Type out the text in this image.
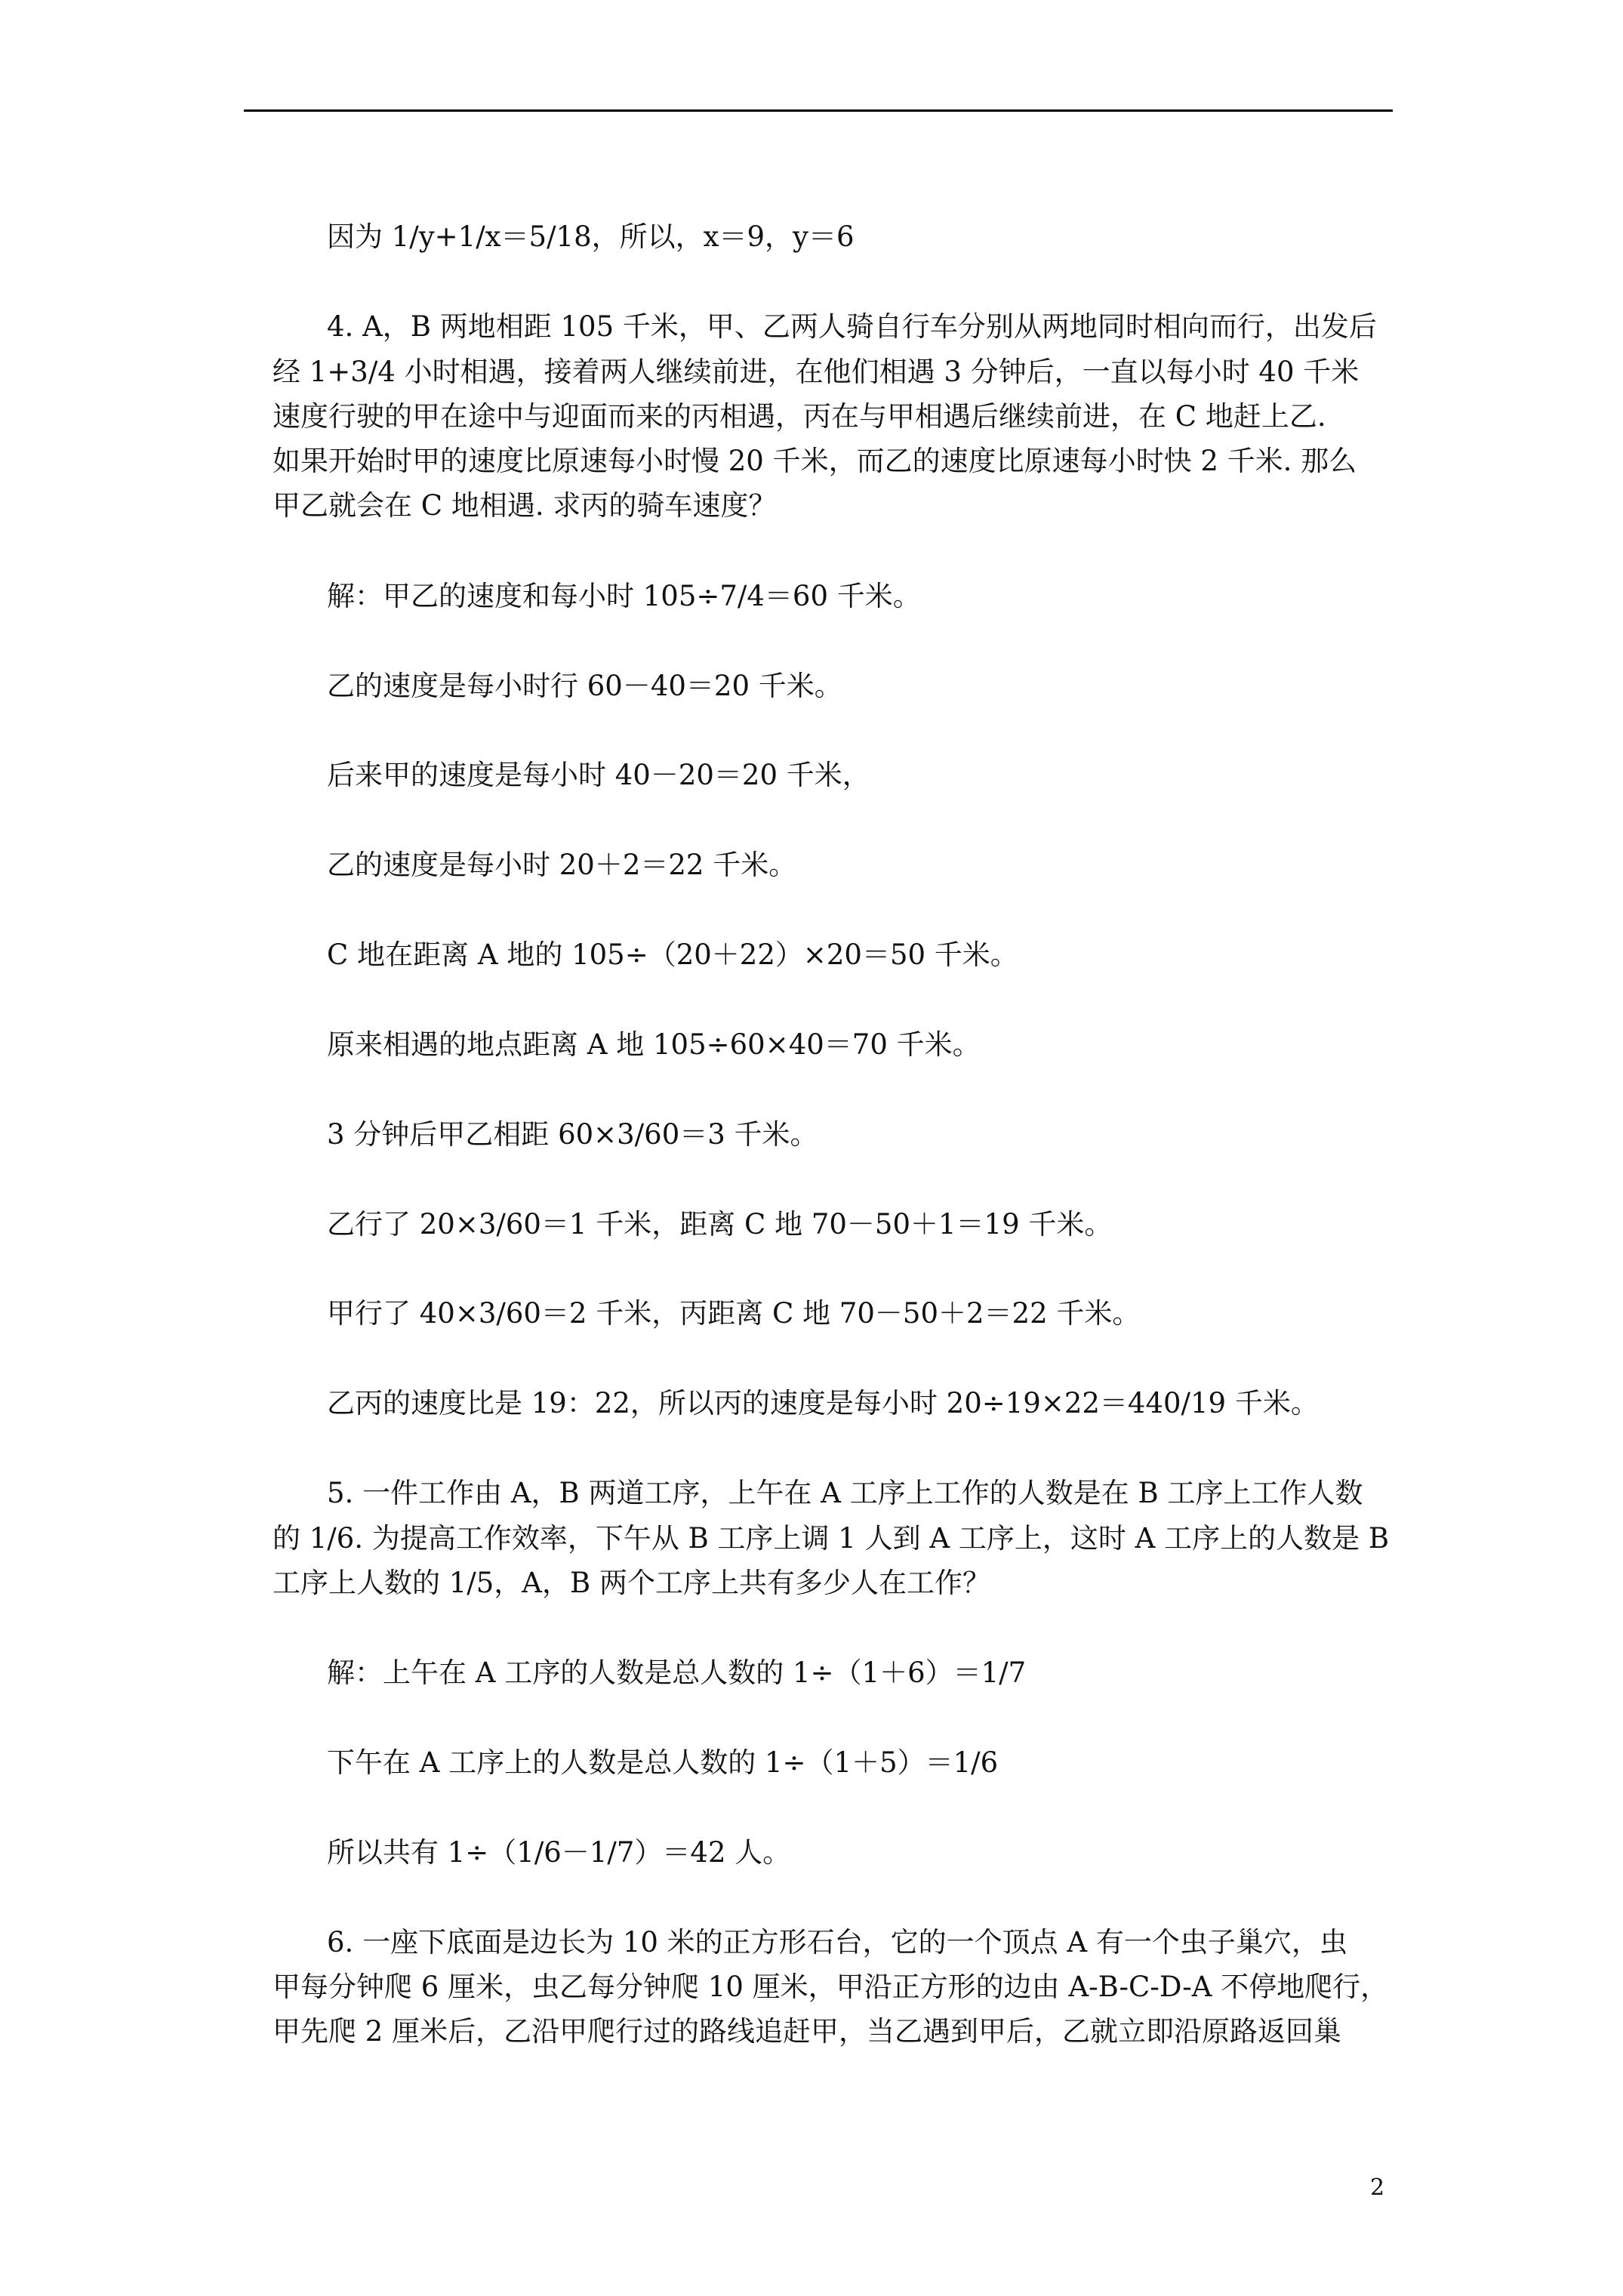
因为 1/y+1/x＝5/18，所以，x＝9，y＝6

4. A，B 两地相距 105 千米，甲、乙两人骑自行车分别从两地同时相向而行，出发后

经 1+3/4 小时相遇，接着两人继续前进，在他们相遇 3 分钟后，一直以每小时 40 千米

速度行驶的甲在途中与迎面而来的丙相遇，丙在与甲相遇后继续前进，在 C 地赶上乙.

如果开始时甲的速度比原速每小时慢 20 千米，而乙的速度比原速每小时快 2 千米. 那么

甲乙就会在 C 地相遇. 求丙的骑车速度？

解：甲乙的速度和每小时 105÷7/4＝60 千米。

乙的速度是每小时行 60－40＝20 千米。

后来甲的速度是每小时 40－20＝20 千米，

乙的速度是每小时 20＋2＝22 千米。

C 地在距离 A 地的 105÷（20＋22）×20＝50 千米。

原来相遇的地点距离 A 地 105÷60×40＝70 千米。

3 分钟后甲乙相距 60×3/60＝3 千米。

乙行了 20×3/60＝1 千米，距离 C 地 70－50＋1＝19 千米。

甲行了 40×3/60＝2 千米，丙距离 C 地 70－50＋2＝22 千米。

乙丙的速度比是 19：22，所以丙的速度是每小时 20÷19×22＝440/19 千米。

5. 一件工作由 A，B 两道工序，上午在 A 工序上工作的人数是在 B 工序上工作人数

的 1/6. 为提高工作效率，下午从 B 工序上调 1 人到 A 工序上，这时 A 工序上的人数是 B

工序上人数的 1/5，A，B 两个工序上共有多少人在工作？

解：上午在 A 工序的人数是总人数的 1÷（1＋6）＝1/7

下午在 A 工序上的人数是总人数的 1÷（1＋5）＝1/6

所以共有 1÷（1/6－1/7）＝42 人。

6. 一座下底面是边长为 10 米的正方形石台，它的一个顶点 A 有一个虫子巢穴，虫

甲每分钟爬 6 厘米，虫乙每分钟爬 10 厘米，甲沿正方形的边由 A-B-C-D-A 不停地爬行，

甲先爬 2 厘米后，乙沿甲爬行过的路线追赶甲，当乙遇到甲后，乙就立即沿原路返回巢

2
